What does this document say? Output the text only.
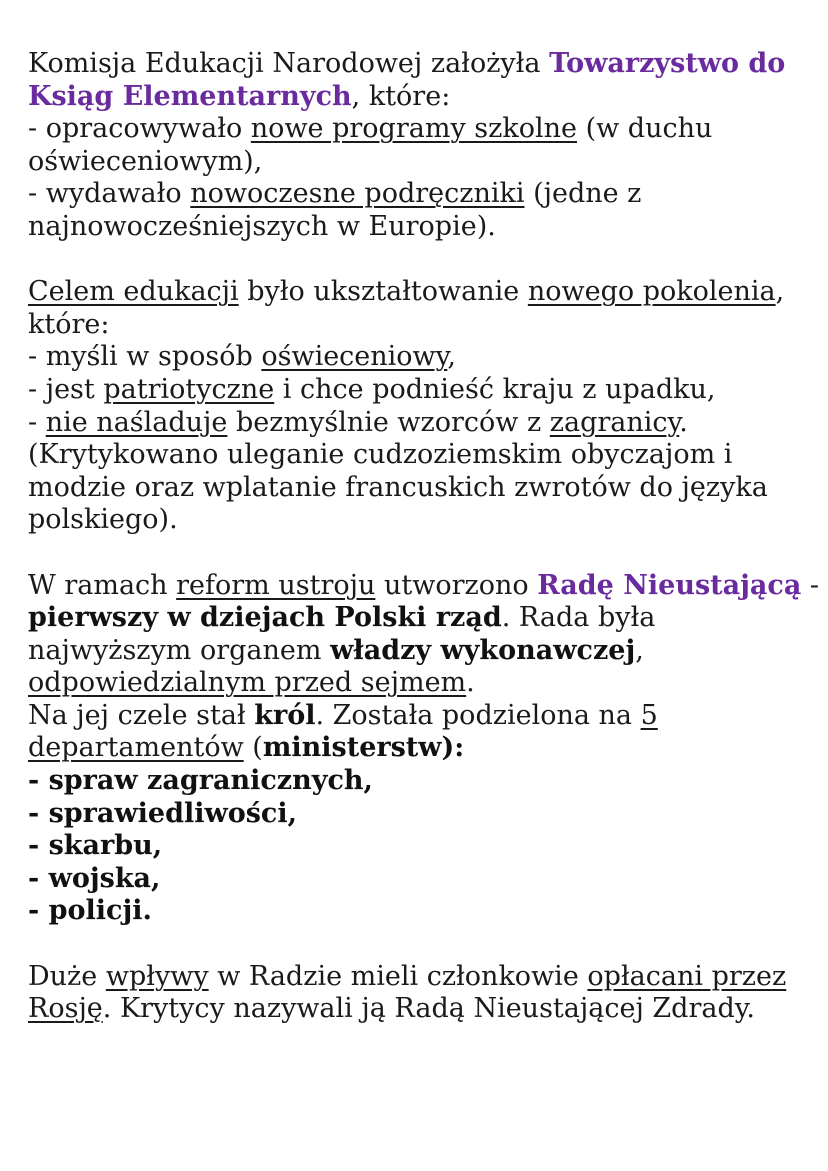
Komisja Edukacji Narodowej założyła Towarzystwo do
Ksiąg Elementarnych, które:
- opracowywało nowe programy szkolne (w duchu
oświeceniowym),
- wydawało nowoczesne podręczniki (jedne z
najnowocześniejszych w Europie).

Celem edukacji było ukształtowanie nowego pokolenia,
które:
- myśli w sposób oświeceniowy,
- jest patriotyczne i chce podnieść kraju z upadku,
- nie naśladuje bezmyślnie wzorców z zagranicy.
(Krytykowano uleganie cudzoziemskim obyczajom i
modzie oraz wplatanie francuskich zwrotów do języka
polskiego).

W ramach reform ustroju utworzono Radę Nieustającą -
pierwszy w dziejach Polski rząd. Rada była
najwyższym organem władzy wykonawczej,
odpowiedzialnym przed sejmem.
Na jej czele stał król. Została podzielona na 5
departamentów (ministerstw):
- spraw zagranicznych,
- sprawiedliwości,
- skarbu,
- wojska,
- policji.

Duże wpływy w Radzie mieli członkowie opłacani przez
Rosję. Krytycy nazywali ją Radą Nieustającej Zdrady.
